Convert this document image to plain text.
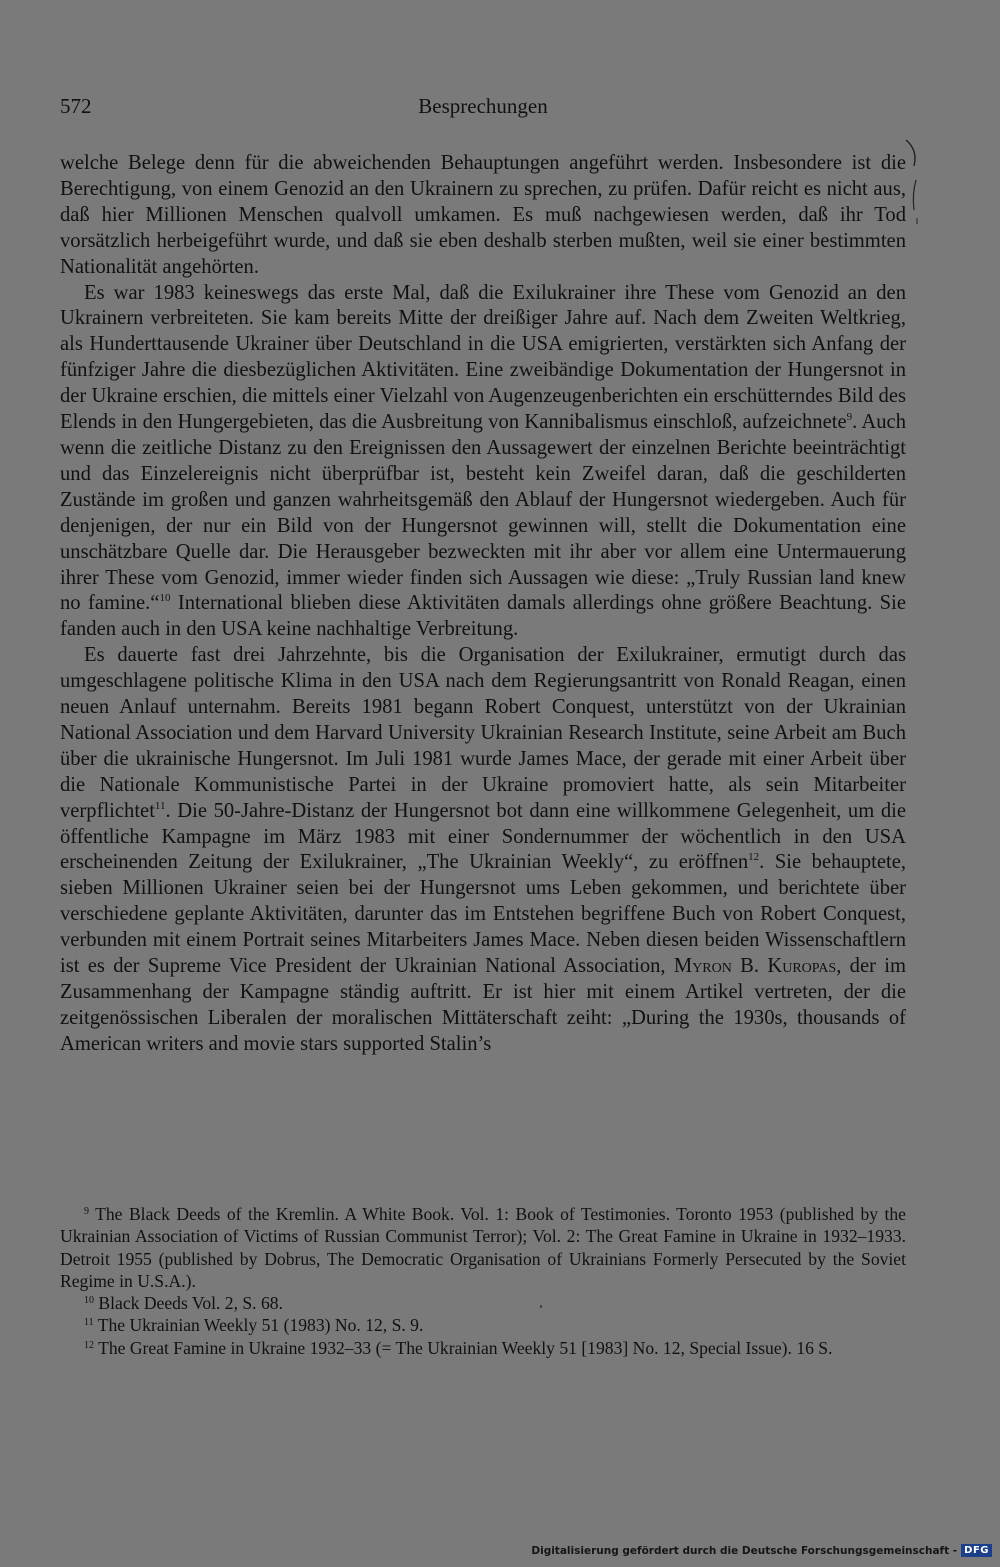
572	Besprechungen

welche Belege denn für die abweichenden Behauptungen angeführt werden. Insbesondere ist die Berechtigung, von einem Genozid an den Ukrainern zu sprechen, zu prüfen. Dafür reicht es nicht aus, daß hier Millionen Menschen qualvoll umkamen. Es muß nachgewiesen werden, daß ihr Tod vorsätzlich herbeigeführt wurde, und daß sie eben deshalb sterben mußten, weil sie einer bestimmten Nationalität angehörten.

Es war 1983 keineswegs das erste Mal, daß die Exilukrainer ihre These vom Genozid an den Ukrainern verbreiteten. Sie kam bereits Mitte der dreißiger Jahre auf. Nach dem Zweiten Weltkrieg, als Hunderttausende Ukrainer über Deutschland in die USA emigrierten, verstärkten sich Anfang der fünfziger Jahre die diesbezüglichen Aktivitäten. Eine zweibändige Dokumentation der Hungersnot in der Ukraine erschien, die mittels einer Vielzahl von Augenzeugenberichten ein erschütterndes Bild des Elends in den Hungergebieten, das die Ausbreitung von Kannibalismus einschloß, aufzeichnete$^9$. Auch wenn die zeitliche Distanz zu den Ereignissen den Aussagewert der einzelnen Berichte beeinträchtigt und das Einzelereignis nicht überprüfbar ist, besteht kein Zweifel daran, daß die geschilderten Zustände im großen und ganzen wahrheitsgemäß den Ablauf der Hungersnot wiedergeben. Auch für denjenigen, der nur ein Bild von der Hungersnot gewinnen will, stellt die Dokumentation eine unschätzbare Quelle dar. Die Herausgeber bezweckten mit ihr aber vor allem eine Untermauerung ihrer These vom Genozid, immer wieder finden sich Aussagen wie diese: „Truly Russian land knew no famine.“$^{10}$ International blieben diese Aktivitäten damals allerdings ohne größere Beachtung. Sie fanden auch in den USA keine nachhaltige Verbreitung.

Es dauerte fast drei Jahrzehnte, bis die Organisation der Exilukrainer, ermutigt durch das umgeschlagene politische Klima in den USA nach dem Regierungsantritt von Ronald Reagan, einen neuen Anlauf unternahm. Bereits 1981 begann Robert Conquest, unterstützt von der Ukrainian National Association und dem Harvard University Ukrainian Research Institute, seine Arbeit am Buch über die ukrainische Hungersnot. Im Juli 1981 wurde James Mace, der gerade mit einer Arbeit über die Nationale Kommunistische Partei in der Ukraine promoviert hatte, als sein Mitarbeiter verpflichtet$^{11}$. Die 50-Jahre-Distanz der Hungersnot bot dann eine willkommene Gelegenheit, um die öffentliche Kampagne im März 1983 mit einer Sondernummer der wöchentlich in den USA erscheinenden Zeitung der Exilukrainer, „The Ukrainian Weekly“, zu eröffnen$^{12}$. Sie behauptete, sieben Millionen Ukrainer seien bei der Hungersnot ums Leben gekommen, und berichtete über verschiedene geplante Aktivitäten, darunter das im Entstehen begriffene Buch von Robert Conquest, verbunden mit einem Portrait seines Mitarbeiters James Mace. Neben diesen beiden Wissenschaftlern ist es der Supreme Vice President der Ukrainian National Association, Myron B. Kuropas, der im Zusammenhang der Kampagne ständig auftritt. Er ist hier mit einem Artikel vertreten, der die zeitgenössischen Liberalen der moralischen Mittäterschaft zeiht: „During the 1930s, thousands of American writers and movie stars supported Stalin’s

$^9$ The Black Deeds of the Kremlin. A White Book. Vol. 1: Book of Testimonies. Toronto 1953 (published by the Ukrainian Association of Victims of Russian Communist Terror); Vol. 2: The Great Famine in Ukraine in 1932–1933. Detroit 1955 (published by Dobrus, The Democratic Organisation of Ukrainians Formerly Persecuted by the Soviet Regime in U.S.A.).

$^{10}$ Black Deeds Vol. 2, S. 68.

$^{11}$ The Ukrainian Weekly 51 (1983) No. 12, S. 9.

$^{12}$ The Great Famine in Ukraine 1932–33 (= The Ukrainian Weekly 51 [1983] No. 12, Special Issue). 16 S.

Digitalisierung gefördert durch die Deutsche Forschungsgemeinschaft - DFG
